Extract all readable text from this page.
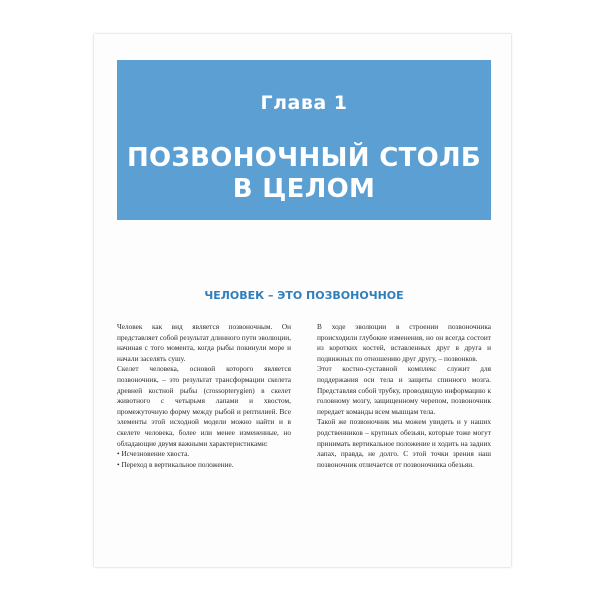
Глава 1
ПОЗВОНОЧНЫЙ СТОЛБ
В ЦЕЛОМ
ЧЕЛОВЕК – ЭТО ПОЗВОНОЧНОЕ

Человек как вид является позвоночным. Он представляет собой результат длинного пути эволюции, начиная с того момента, когда рыбы покинули море и начали заселять сушу.

Скелет человека, основой которого является позвоночник, – это результат трансформации скелета древней костной рыбы (crossopterygien) в скелет животного с четырьмя лапами и хвостом, промежуточную форму между рыбой и рептилией. Все элементы этой исходной модели можно найти и в скелете человека, более или менее измененные, но обладающие двумя важными характеристиками:

• Исчезновение хвоста.

• Переход в вертикальное положение.

В ходе эволюции в строении позвоночника происходили глубокие изменения, но он всегда состоит из коротких костей, вставленных друг в друга и подвижных по отношению друг другу, – позвонков.

Этот костно-суставной комплекс служит для поддержания оси тела и защиты спинного мозга. Представляя собой трубку, проводящую информацию к головному мозгу, защищенному черепом, позвоночник передает команды всем мышцам тела.

Такой же позвоночник мы можем увидеть и у наших родственников – крупных обезьян, которые тоже могут принимать вертикальное положение и ходить на задних лапах, правда, не долго. С этой точки зрения наш позвоночник отличается от позвоночника обезьян.
